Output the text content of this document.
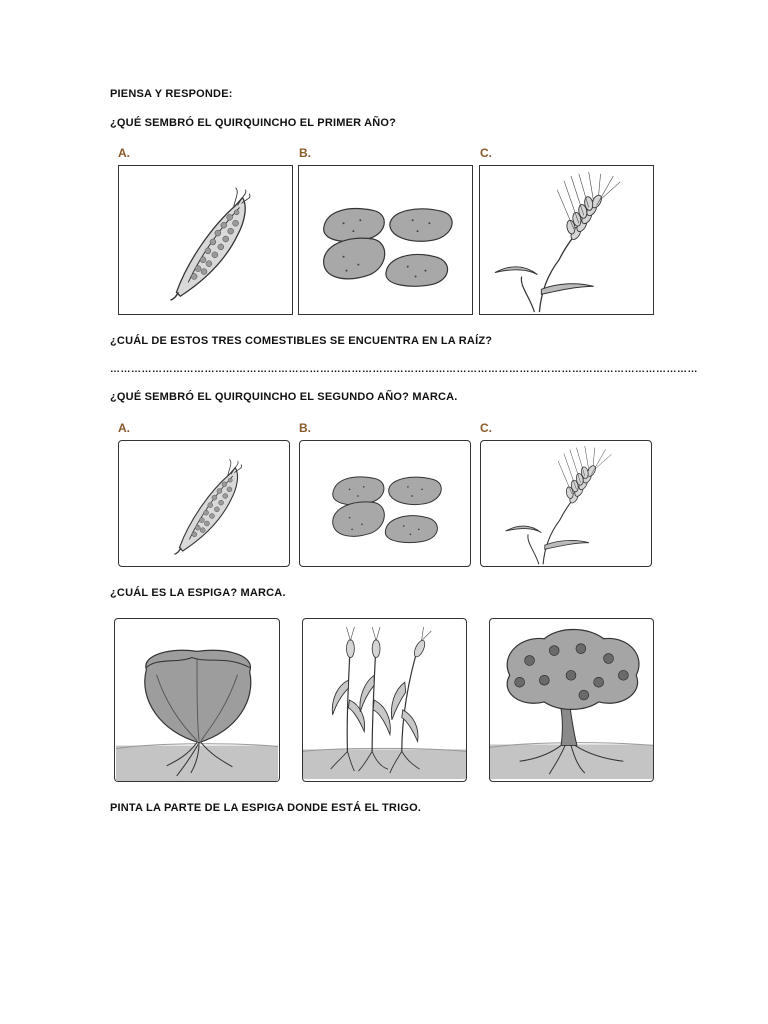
PIENSA Y RESPONDE:
¿QUÉ SEMBRÓ EL QUIRQUINCHO EL PRIMER AÑO?
A.	B.	C.
¿CUÁL DE ESTOS TRES COMESTIBLES SE ENCUENTRA EN LA RAÍZ?
……………………………………………………………………………………………………………………………………………………
¿QUÉ SEMBRÓ EL QUIRQUINCHO EL SEGUNDO AÑO? MARCA.
A.	B.	C.
¿CUÁL ES LA ESPIGA? MARCA.
PINTA LA PARTE DE LA ESPIGA DONDE ESTÁ EL TRIGO.
